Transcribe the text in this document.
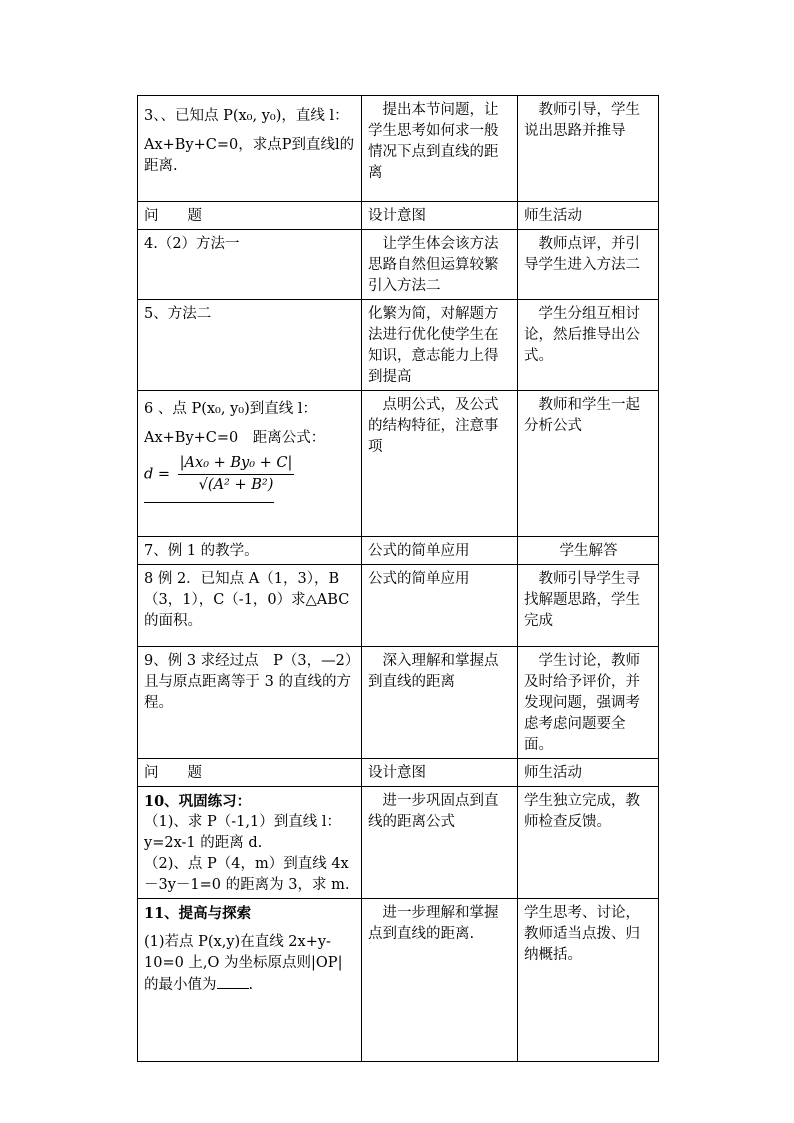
3、、已知点 P(x₀, y₀)，直线 l：
Ax+By+C=0，求点P到直线l的距离.	提出本节问题，让学生思考如何求一般情况下点到直线的距离	教师引导，学生说出思路并推导
问　　题	设计意图	师生活动
4.（2）方法一	让学生体会该方法思路自然但运算较繁引入方法二	教师点评，并引导学生进入方法二
5、方法二	化繁为简，对解题方法进行优化使学生在知识，意志能力上得到提高	学生分组互相讨论，然后推导出公式。

6 、点 P(x₀, y₀)到直线 l：
Ax+By+C=0　距离公式：
$d = \frac{\text{|Ax₀ + By₀ + C|}}{\text{√(A² + B²)}}$	点明公式，及公式的结构特征，注意事项	教师和学生一起分析公式
7、例 1 的教学。	公式的简单应用	学生解答
8 例 2．已知点 A（1，3），B（3，1），C（-1，0）求△ABC 的面积。	公式的简单应用	教师引导学生寻找解题思路，学生完成
9、例 3 求经过点　P（3，—2）且与原点距离等于 3 的直线的方程。	深入理解和掌握点到直线的距离	学生讨论，教师及时给予评价，并发现问题，强调考虑考虑问题要全面。
问　　题	设计意图	师生活动

10、巩固练习：
（1)、求 P（-1,1）到直线 l：y=2x-1 的距离 d.
（2)、点 P（4，m）到直线 4x－3y－1=0 的距离为 3，求 m.	进一步巩固点到直线的距离公式	学生独立完成，教师检查反馈。

11、提高与探索
(1)若点 P(x,y)在直线 2x+y-10=0 上,O 为坐标原点则|OP|的最小值为 .	进一步理解和掌握点到直线的距离.	学生思考、讨论，教师适当点拨、归纳概括。
